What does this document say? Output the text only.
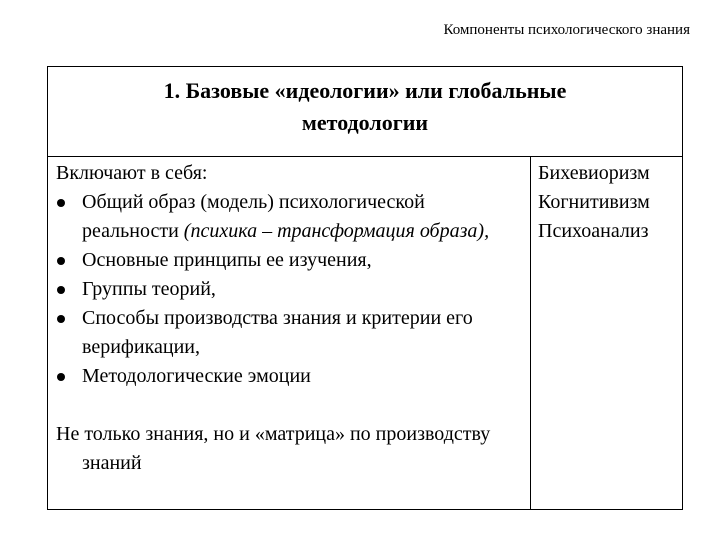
Компоненты психологического знания
1. Базовые «идеологии» или глобальные
методологии
Включают в себя:
Общий образ (модель) психологической реальности (психика – трансформация образа),
Основные принципы ее изучения,
Группы теорий,
Способы производства знания и критерии его верификации,
Методологические эмоции
Не только знания, но и «матрица» по производству знаний
Бихевиоризм
Когнитивизм
Психоанализ
